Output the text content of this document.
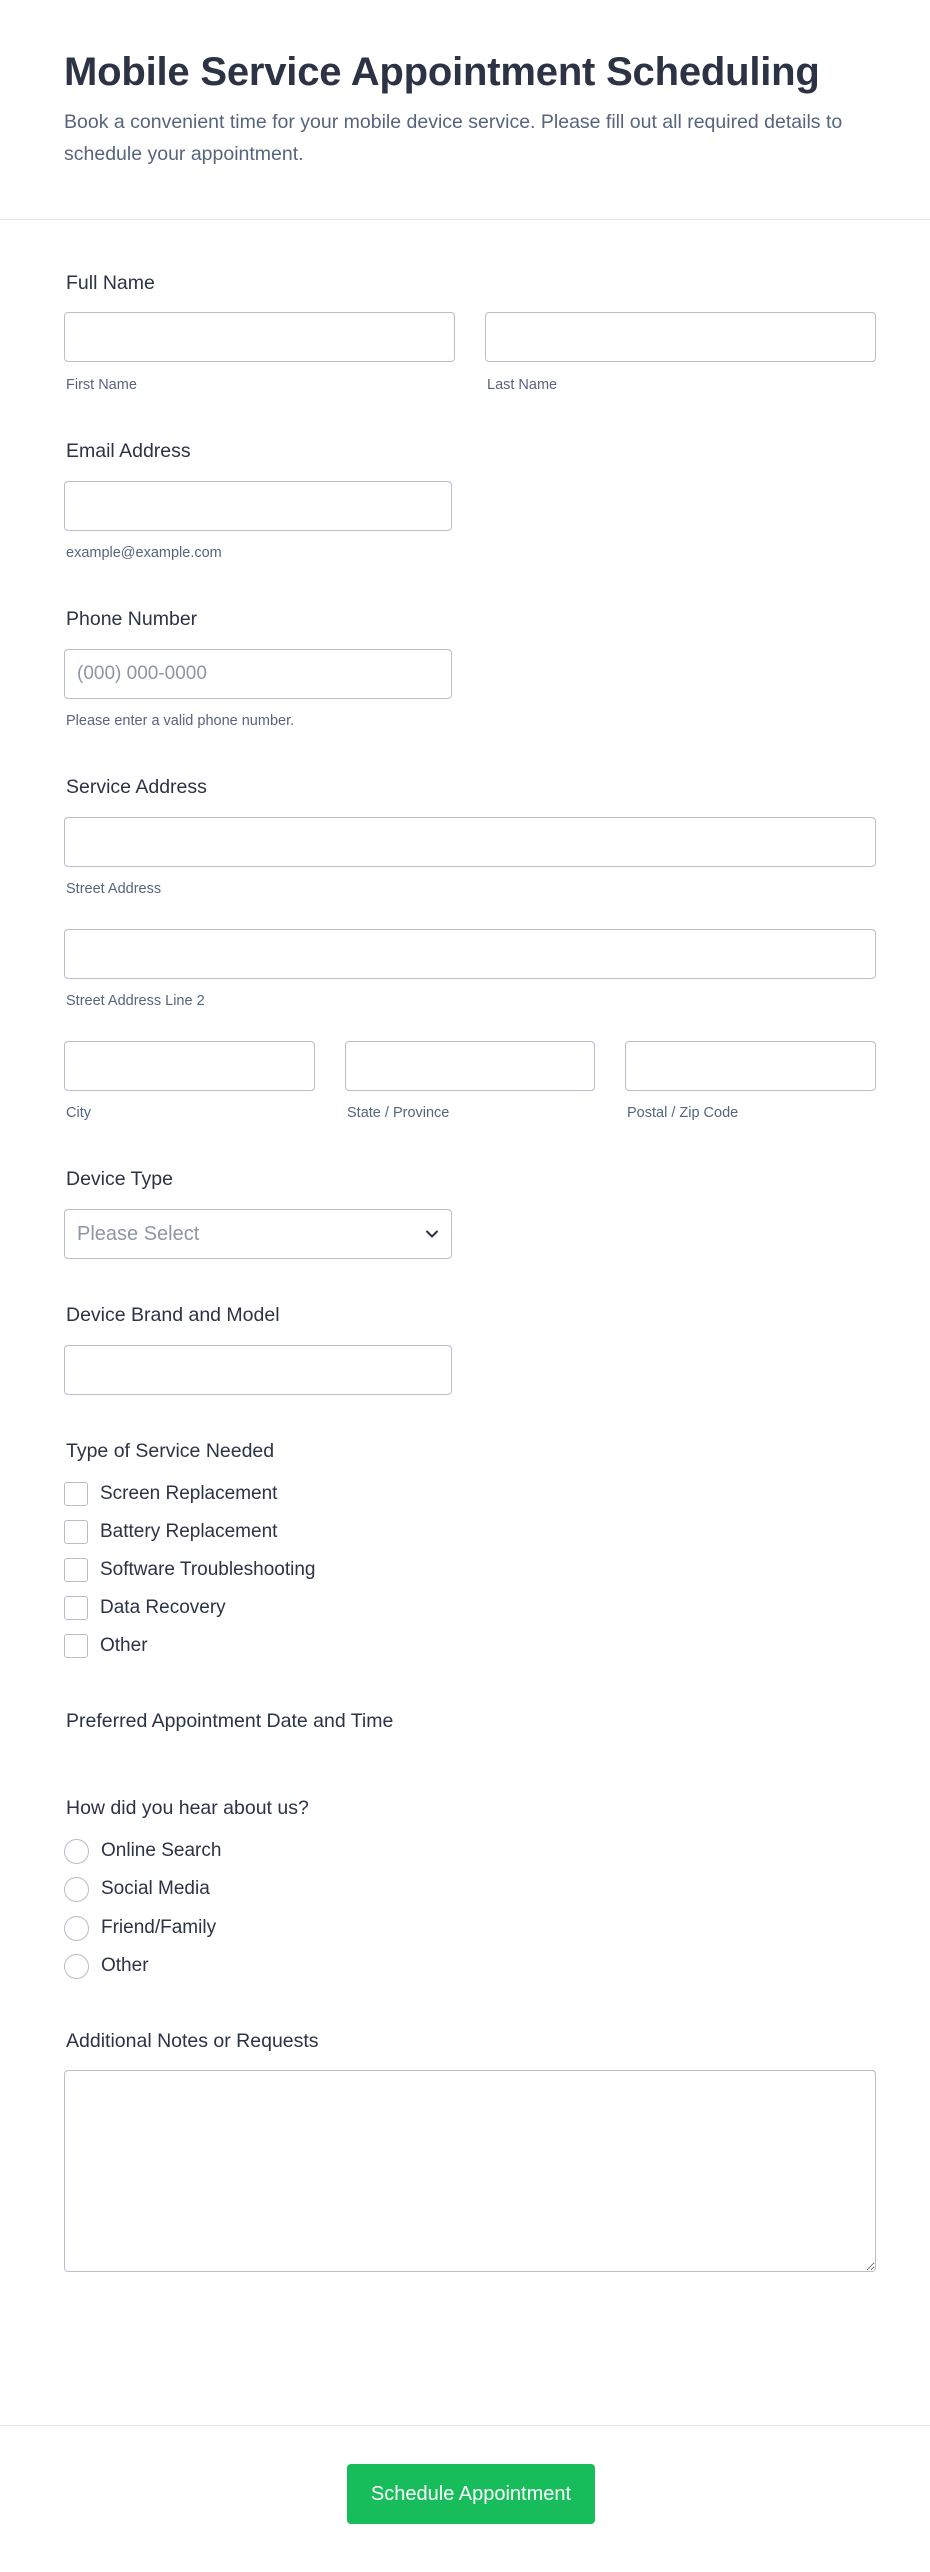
Mobile Service Appointment Scheduling

Book a convenient time for your mobile device service. Please fill out all required details to schedule your appointment.

Full Name
First Name	Last Name
Email Address
example@example.com
Phone Number
(000) 000-0000
Please enter a valid phone number.
Service Address
Street Address
Street Address Line 2
City	State / Province	Postal / Zip Code
Device Type
Please Select
Device Brand and Model
Type of Service Needed
Screen Replacement
Battery Replacement
Software Troubleshooting
Data Recovery
Other
Preferred Appointment Date and Time
How did you hear about us?
Online Search
Social Media
Friend/Family
Other
Additional Notes or Requests
Schedule Appointment
